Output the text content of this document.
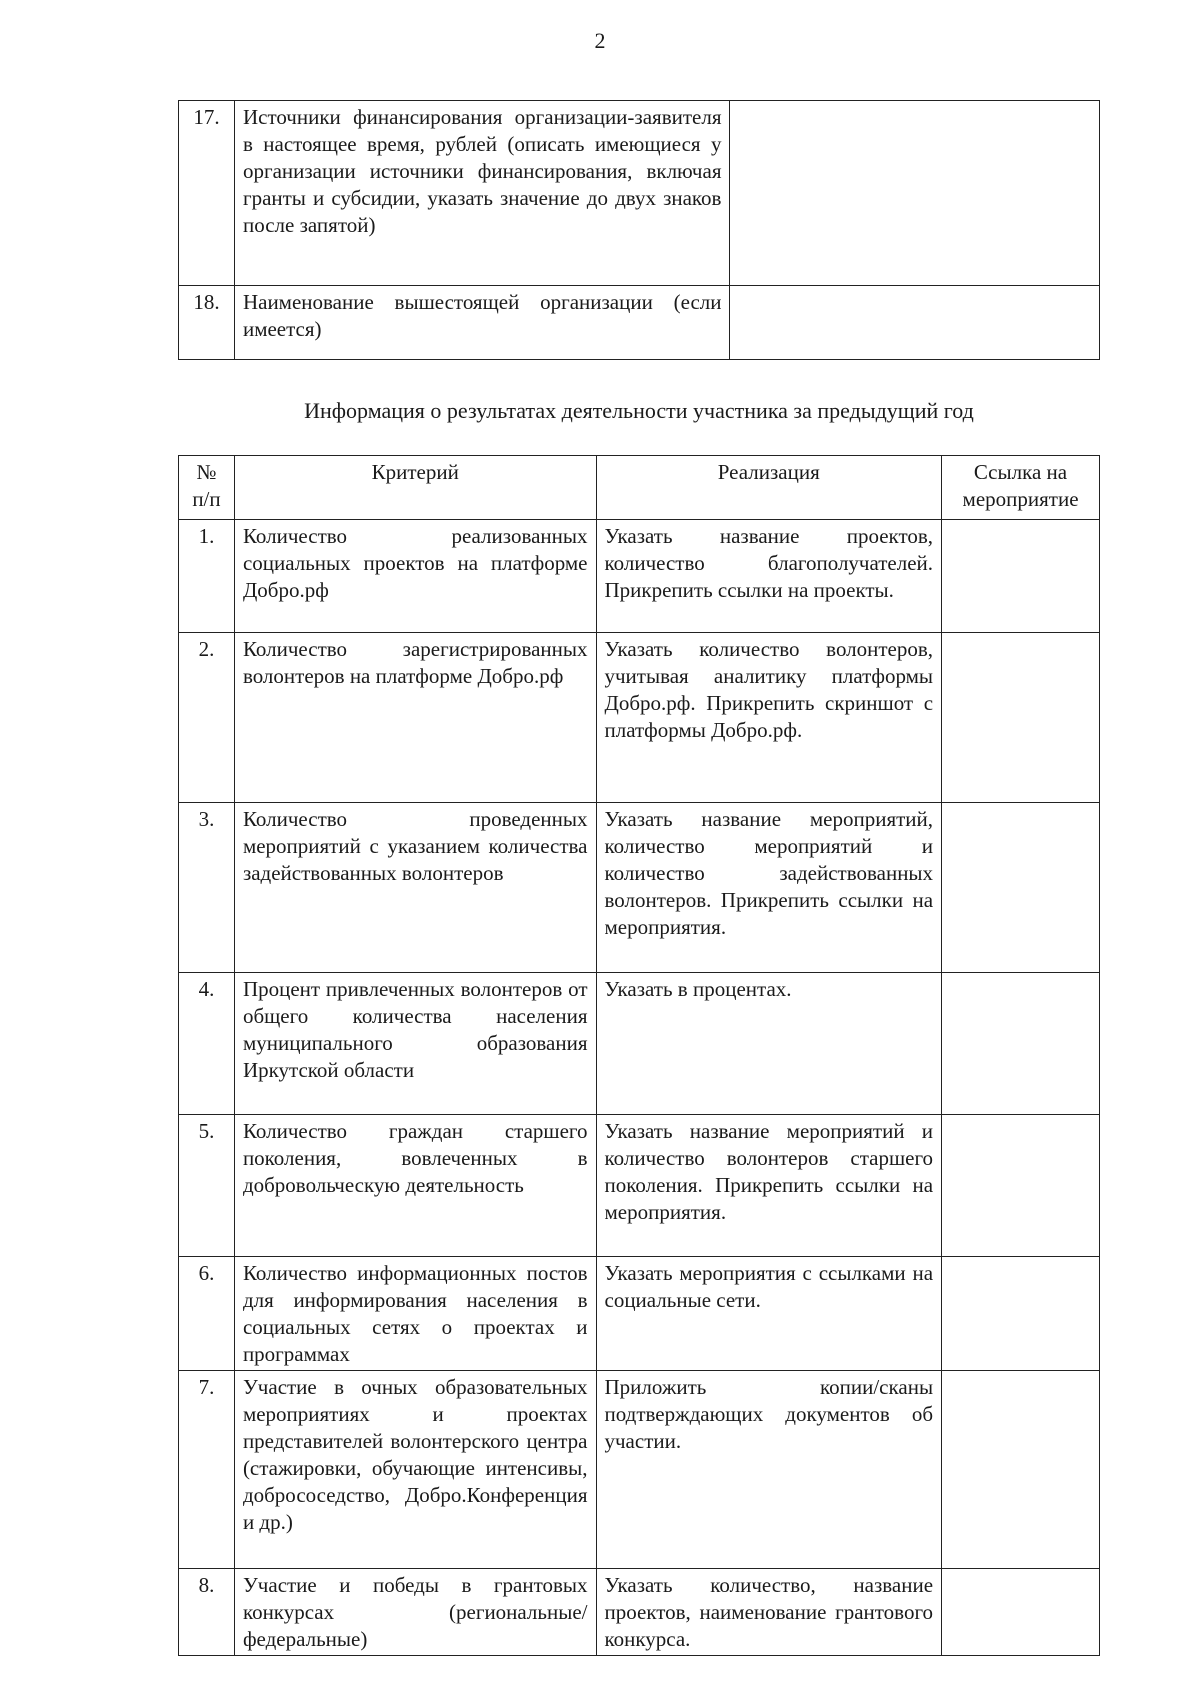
2
17.	Источники финансирования организации-заявителя в настоящее время, рублей (описать имеющиеся у организации источники финансирования, включая гранты и субсидии, указать значение до двух знаков после запятой)	
18.	Наименование вышестоящей организации (если имеется)	
Информация о результатах деятельности участника за предыдущий год
№ п/п	Критерий	Реализация	Ссылка на мероприятие
1.	Количество реализованных социальных проектов на платформе Добро.рф	Указать название проектов, количество благополучателей. Прикрепить ссылки на проекты.	
2.	Количество зарегистрированных волонтеров на платформе Добро.рф	Указать количество волонтеров, учитывая аналитику платформы Добро.рф. Прикрепить скриншот с платформы Добро.рф.	
3.	Количество проведенных мероприятий с указанием количества задействованных волонтеров	Указать название мероприятий, количество мероприятий и количество задействованных волонтеров. Прикрепить ссылки на мероприятия.	
4.	Процент привлеченных волонтеров от общего количества населения муниципального образования Иркутской области	Указать в процентах.	
5.	Количество граждан старшего поколения, вовлеченных в добровольческую деятельность	Указать название мероприятий и количество волонтеров старшего поколения. Прикрепить ссылки на мероприятия.	
6.	Количество информационных постов для информирования населения в социальных сетях о проектах и программах	Указать мероприятия с ссылками на социальные сети.	
7.	Участие в очных образовательных мероприятиях и проектах представителей волонтерского центра (стажировки, обучающие интенсивы, добрососедство, Добро.Конференция и др.)	Приложить копии/сканы подтверждающих документов об участии.	
8.	Участие и победы в грантовых конкурсах (региональные/федеральные)	Указать количество, название проектов, наименование грантового конкурса.	
